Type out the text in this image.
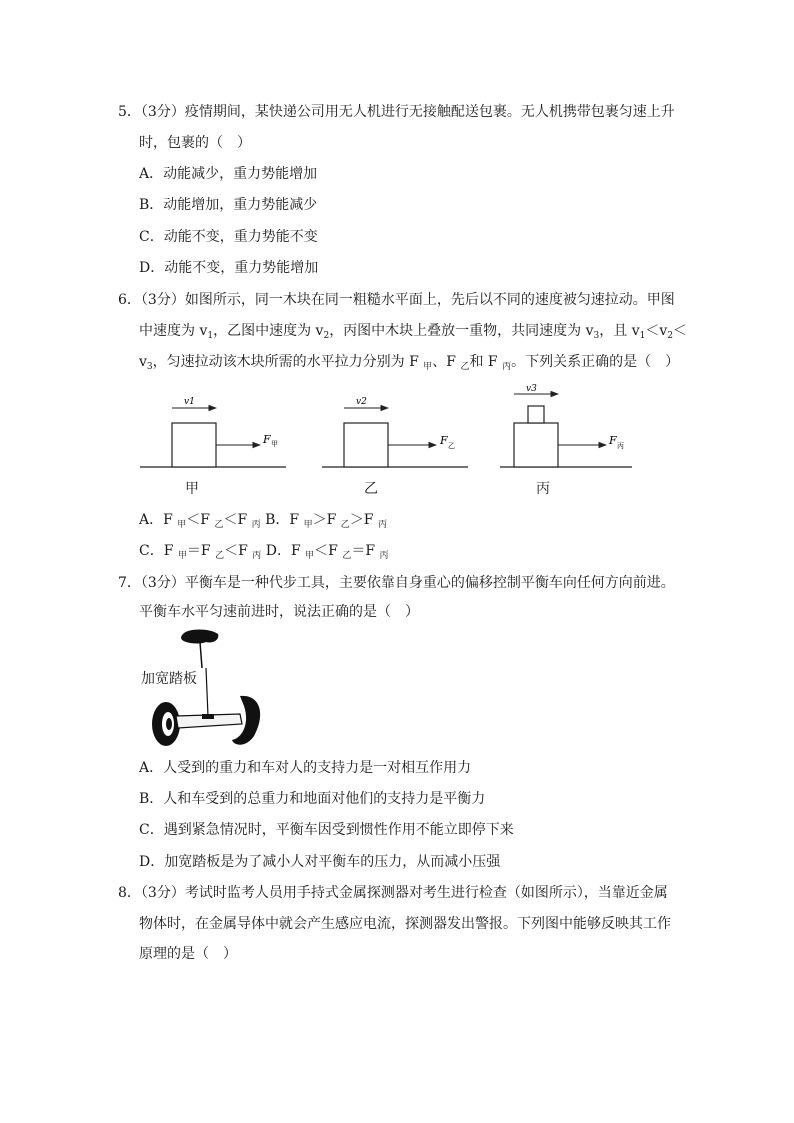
5．（3分）疫情期间，某快递公司用无人机进行无接触配送包裹。无人机携带包裹匀速上升
时，包裹的（　）
A．动能减少，重力势能增加
B．动能增加，重力势能减少
C．动能不变，重力势能不变
D．动能不变，重力势能增加
6．（3分）如图所示，同一木块在同一粗糙水平面上，先后以不同的速度被匀速拉动。甲图
中速度为 $v_1$，乙图中速度为 $v_2$，丙图中木块上叠放一重物，共同速度为 $v_3$，且 $v_1<v_2<$
$v_3$，匀速拉动该木块所需的水平拉力分别为 F $_甲$、F $_乙$和 F $_丙$。下列关系正确的是（　）
v1
F 甲
v2
F 乙
v3
F 丙
甲	乙	丙
A．F $_甲$＜F $_乙$＜F $_丙$ B．F $_甲$＞F $_乙$＞F $_丙$
C．F $_甲$＝F $_乙$＜F $_丙$ D．F $_甲$＜F $_乙$＝F $_丙$
7．（3分）平衡车是一种代步工具，主要依靠自身重心的偏移控制平衡车向任何方向前进。
平衡车水平匀速前进时，说法正确的是（　）
加宽踏板
A．人受到的重力和车对人的支持力是一对相互作用力
B．人和车受到的总重力和地面对他们的支持力是平衡力
C．遇到紧急情况时，平衡车因受到惯性作用不能立即停下来
D．加宽踏板是为了减小人对平衡车的压力，从而减小压强
8．（3分）考试时监考人员用手持式金属探测器对考生进行检查（如图所示），当靠近金属
物体时，在金属导体中就会产生感应电流，探测器发出警报。下列图中能够反映其工作
原理的是（　）
